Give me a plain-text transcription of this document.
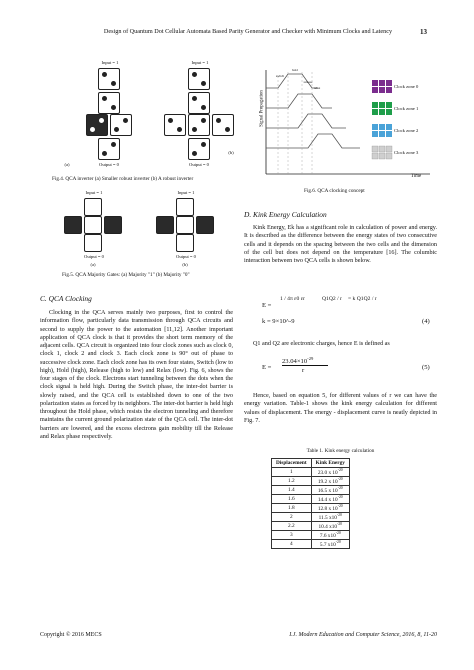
Design of Quantum Dot Cellular Automata Based Parity Generator and Checker with Minimum Clocks and Latency	13
Input = 1
Output = 0
Input = 1
Output = 0
(a)
(b)
Fig.4. QCA inverter (a) Smaller robust inverter (b) A robust inverter
Input = 1
Output = 0
(a)
Input = 1
Output = 0
(b)
Fig.5. QCA Majority Gates: (a) Majority "1" (b) Majority "0"
C. QCA Clocking

Clocking in the QCA serves mainly two purposes, first to control the information flow, particularly data transmission through QCA circuits and second to supply the power to the automation [11,12]. Another important application of QCA clock is that it provides the short term memory of the adjacent cells. QCA circuit is organized into four clock zones such as clock 0, clock 1, clock 2 and clock 3. Each clock zone is 90° out of phase to successive clock zone. Each clock zone has its own four states, Switch (low to high), Hold (high), Release (high to low) and Relax (low). Fig. 6, shows the four stages of the clock. Electrons start tunneling between the dots when the clock signal is held high. During the Switch phase, the inter-dot barrier is slowly raised, and the QCA cell is established down to one of the two polarization states as forced by its neighbors. The inter-dot barrier is held high throughout the Hold phase, which resists the electron tunneling and therefore maintains the current ground polarization state of the QCA cell. The inter-dot barriers are lowered, and the excess electrons gain mobility till the Release and Relax phase respectively.

Signal Propagation
Time
switch
hold
release
relax	Clock zone 0
Clock zone 1
Clock zone 2
Clock zone 3
Fig.6. QCA clocking concept
D. Kink Energy Calculation

Kink Energy, Ek has a significant role in calculation of power and energy. It is described as the difference between the energy states of two consecutive cells and it depends on the spacing between the two cells and the dimension of the cell but does not depend on the temperature [16]. The columbic interaction between two QCA cells is shown below.

E =
1 / 4π ε0 εr	Q1Q2 / r = k Q1Q2 / r
k = 9×10^-9	(4)

Q1 and Q2 are electronic charges, hence E is defined as

E =
$23.04\times 10^{-29}$
r	(5)

Hence, based on equation 5, for different values of r we can have the energy variation. Table-1 shows the kink energy calculation for different values of displacement. The energy - displacement curve is neatly depicted in Fig. 7.

Table 1. Kink energy calculation
Displacement	Kink Energy
1	23.0 x $10^{-20}$
1.2	19.2 x $10^{-20}$
1.4	16.5 x $10^{-20}$
1.6	14.4 x $10^{-20}$
1.8	12.8 x $10^{-20}$
2	11.5 $x10^{-20}$
2.2	10.4 $x10^{-20}$
3	7.6 $x10^{-20}$
4	5.7 $x10^{-20}$
Copyright © 2016 MECS	I.J. Modern Education and Computer Science, 2016, 8, 11-20
